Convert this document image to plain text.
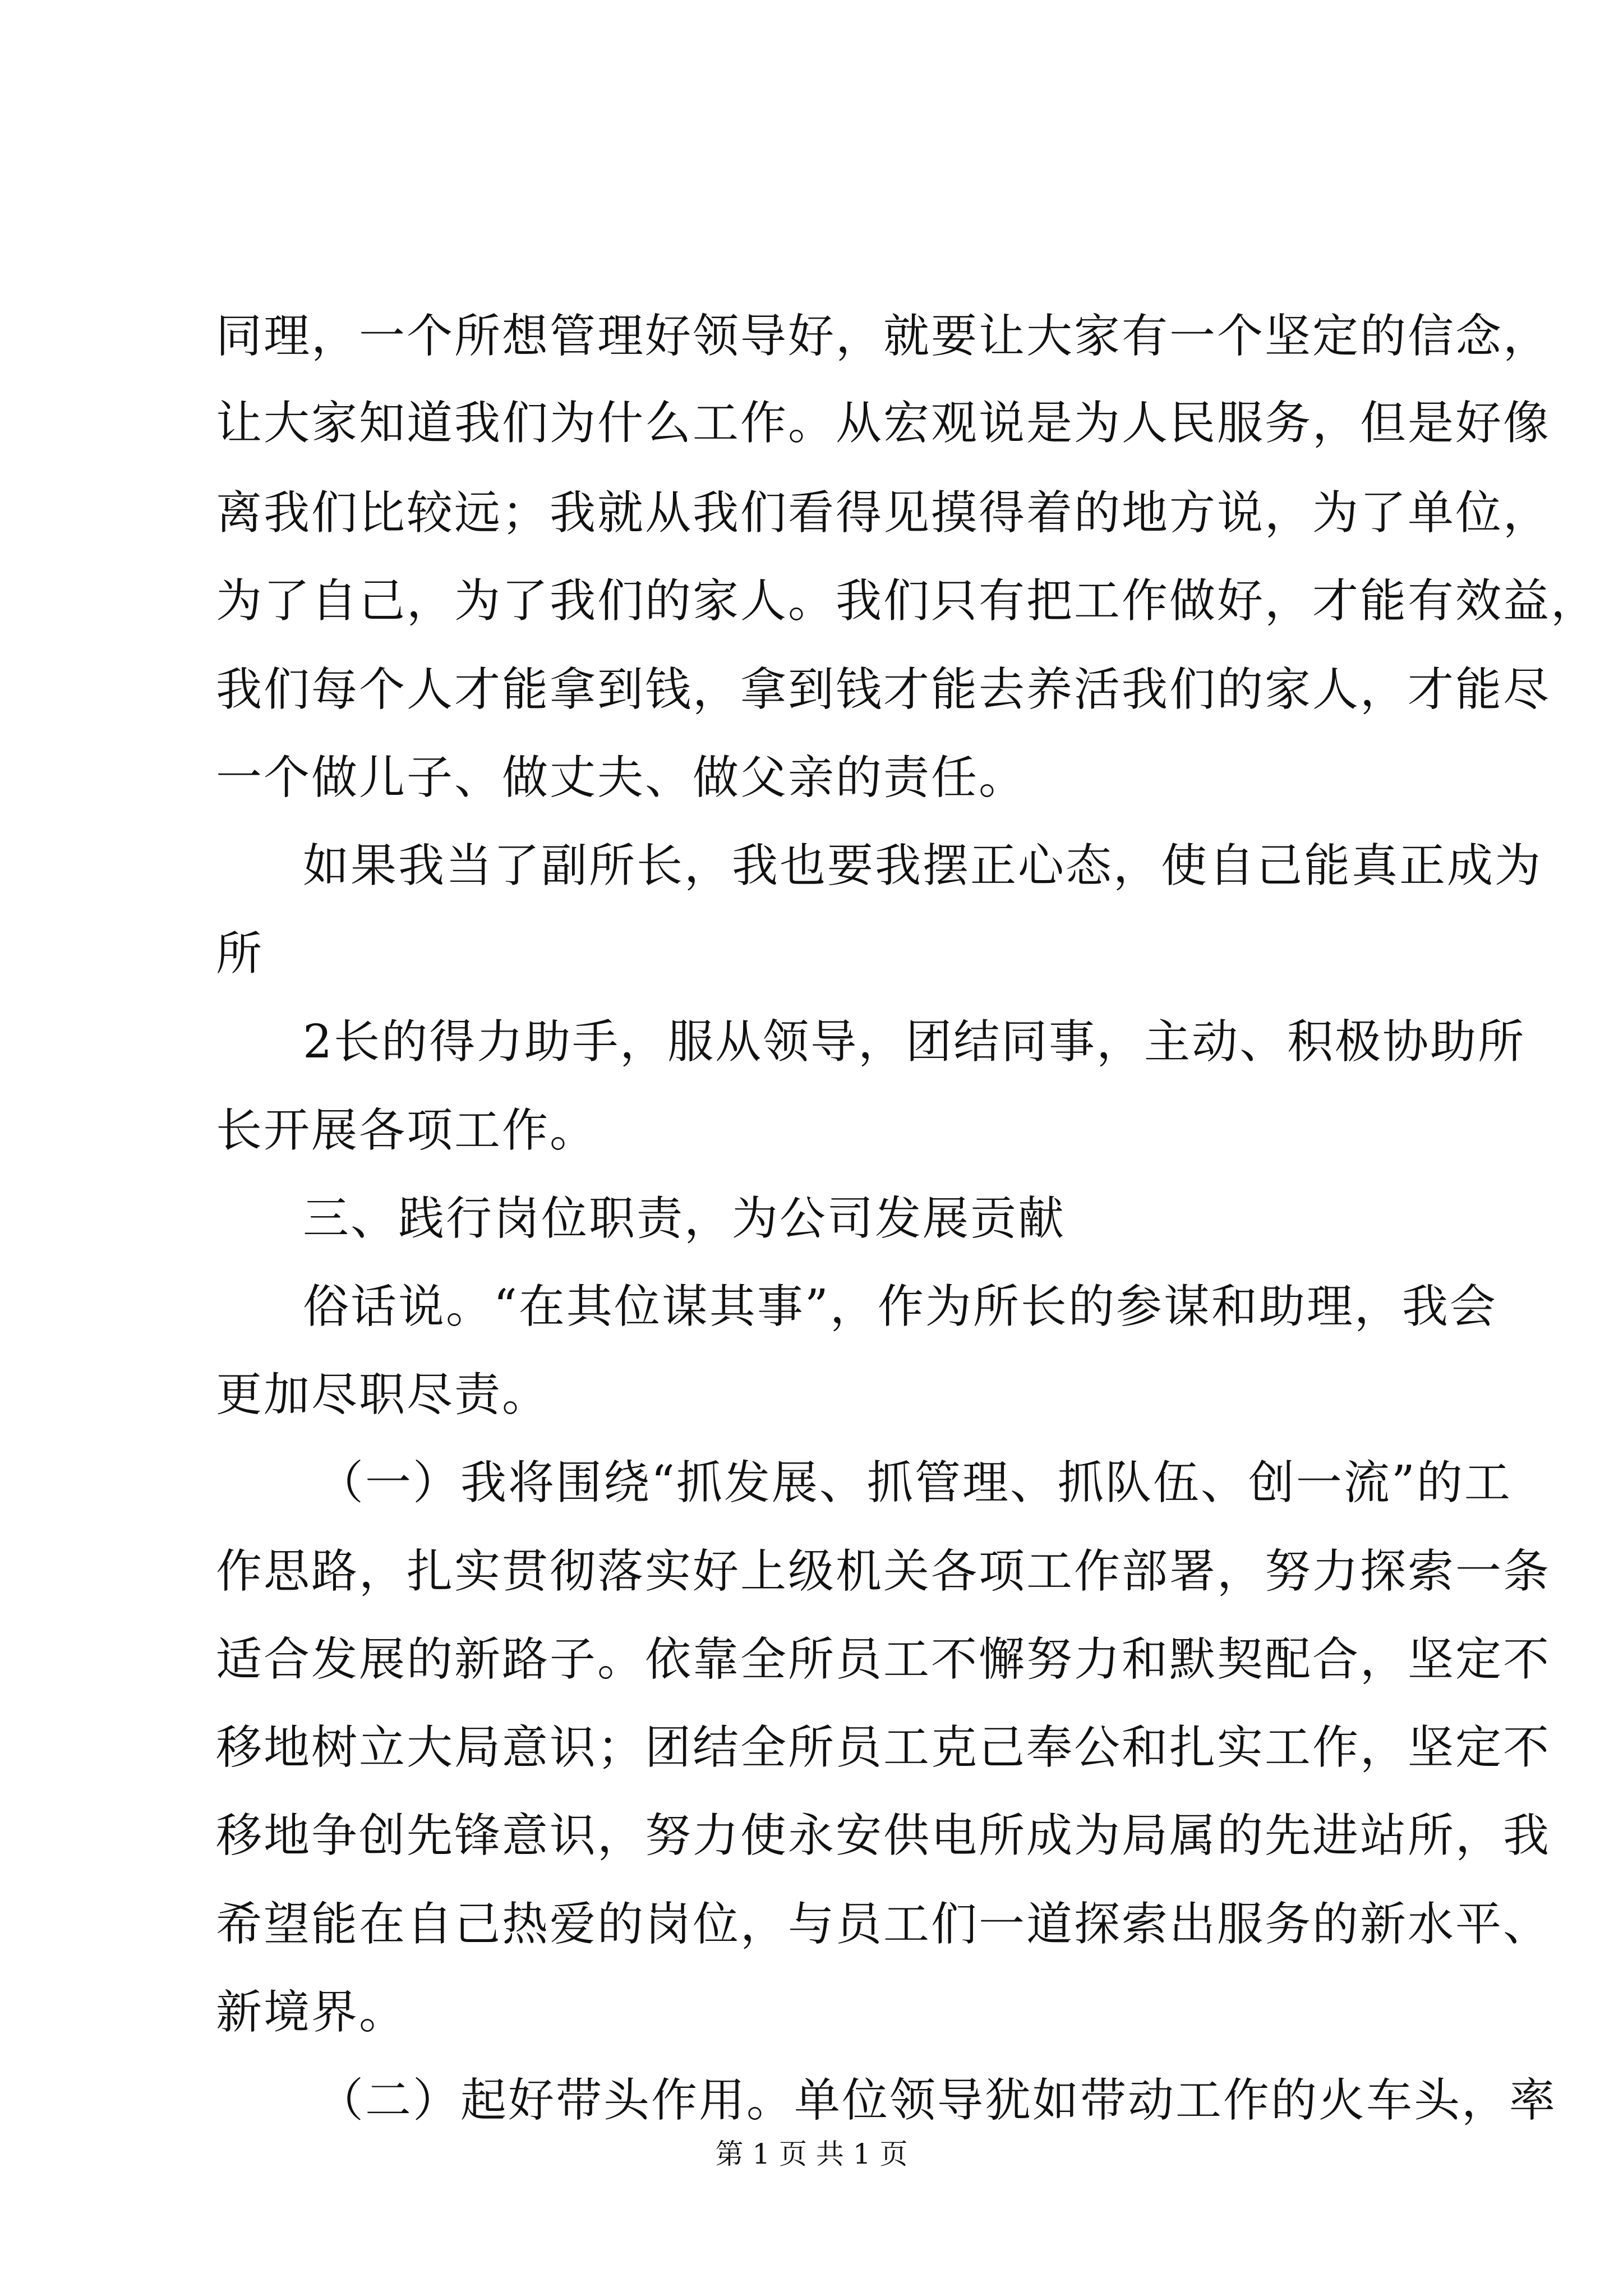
同理，一个所想管理好领导好，就要让大家有一个坚定的信念，
让大家知道我们为什么工作。从宏观说是为人民服务，但是好像
离我们比较远；我就从我们看得见摸得着的地方说，为了单位，
为了自己，为了我们的家人。我们只有把工作做好，才能有效益，
我们每个人才能拿到钱，拿到钱才能去养活我们的家人，才能尽
一个做儿子、做丈夫、做父亲的责任。
如果我当了副所长，我也要我摆正心态，使自己能真正成为
所
2长的得力助手，服从领导，团结同事，主动、积极协助所
长开展各项工作。
三、践行岗位职责，为公司发展贡献
俗话说。“在其位谋其事”，作为所长的参谋和助理，我会
更加尽职尽责。
（一）我将围绕“抓发展、抓管理、抓队伍、创一流”的工
作思路，扎实贯彻落实好上级机关各项工作部署，努力探索一条
适合发展的新路子。依靠全所员工不懈努力和默契配合，坚定不
移地树立大局意识；团结全所员工克己奉公和扎实工作，坚定不
移地争创先锋意识，努力使永安供电所成为局属的先进站所，我
希望能在自己热爱的岗位，与员工们一道探索出服务的新水平、
新境界。
（二）起好带头作用。单位领导犹如带动工作的火车头，率
第 1 页 共 1 页
